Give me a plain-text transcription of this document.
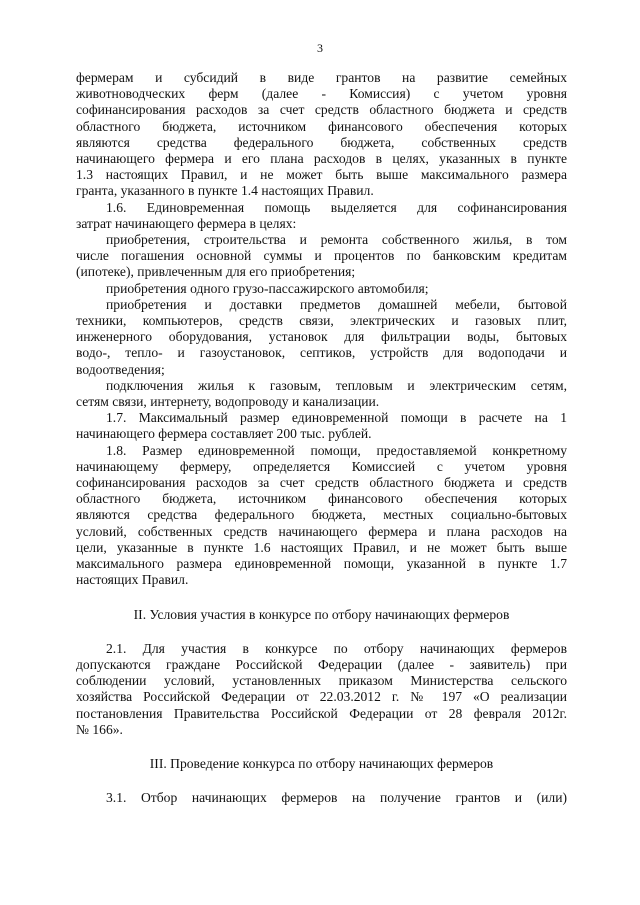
3

фермерам и субсидий в виде грантов на развитие семейных

животноводческих ферм (далее - Комиссия) с учетом уровня

софинансирования расходов за счет средств областного бюджета и средств

областного бюджета, источником финансового обеспечения которых

являются средства федерального бюджета, собственных средств

начинающего фермера и его плана расходов в целях, указанных в пункте

1.3 настоящих Правил, и не может быть выше максимального размера

гранта, указанного в пункте 1.4 настоящих Правил.

1.6. Единовременная помощь выделяется для софинансирования

затрат начинающего фермера в целях:

приобретения, строительства и ремонта собственного жилья, в том

числе погашения основной суммы и процентов по банковским кредитам

(ипотеке), привлеченным для его приобретения;

приобретения одного грузо-пассажирского автомобиля;

приобретения и доставки предметов домашней мебели, бытовой

техники, компьютеров, средств связи, электрических и газовых плит,

инженерного оборудования, установок для фильтрации воды, бытовых

водо-, тепло- и газоустановок, септиков, устройств для водоподачи и

водоотведения;

подключения жилья к газовым, тепловым и электрическим сетям,

сетям связи, интернету, водопроводу и канализации.

1.7. Максимальный размер единовременной помощи в расчете на 1

начинающего фермера составляет 200 тыс. рублей.

1.8. Размер единовременной помощи, предоставляемой конкретному

начинающему фермеру, определяется Комиссией с учетом уровня

софинансирования расходов за счет средств областного бюджета и средств

областного бюджета, источником финансового обеспечения которых

являются средства федерального бюджета, местных социально-бытовых

условий, собственных средств начинающего фермера и плана расходов на

цели, указанные в пункте 1.6 настоящих Правил, и не может быть выше

максимального размера единовременной помощи, указанной в пункте 1.7

настоящих Правил.

II. Условия участия в конкурсе по отбору начинающих фермеров

2.1. Для участия в конкурсе по отбору начинающих фермеров

допускаются граждане Российской Федерации (далее - заявитель) при

соблюдении условий, установленных приказом Министерства сельского

хозяйства Российской Федерации от 22.03.2012 г. № 197 «О реализации

постановления Правительства Российской Федерации от 28 февраля 2012г.

№ 166».

III. Проведение конкурса по отбору начинающих фермеров

3.1. Отбор начинающих фермеров на получение грантов и (или)
